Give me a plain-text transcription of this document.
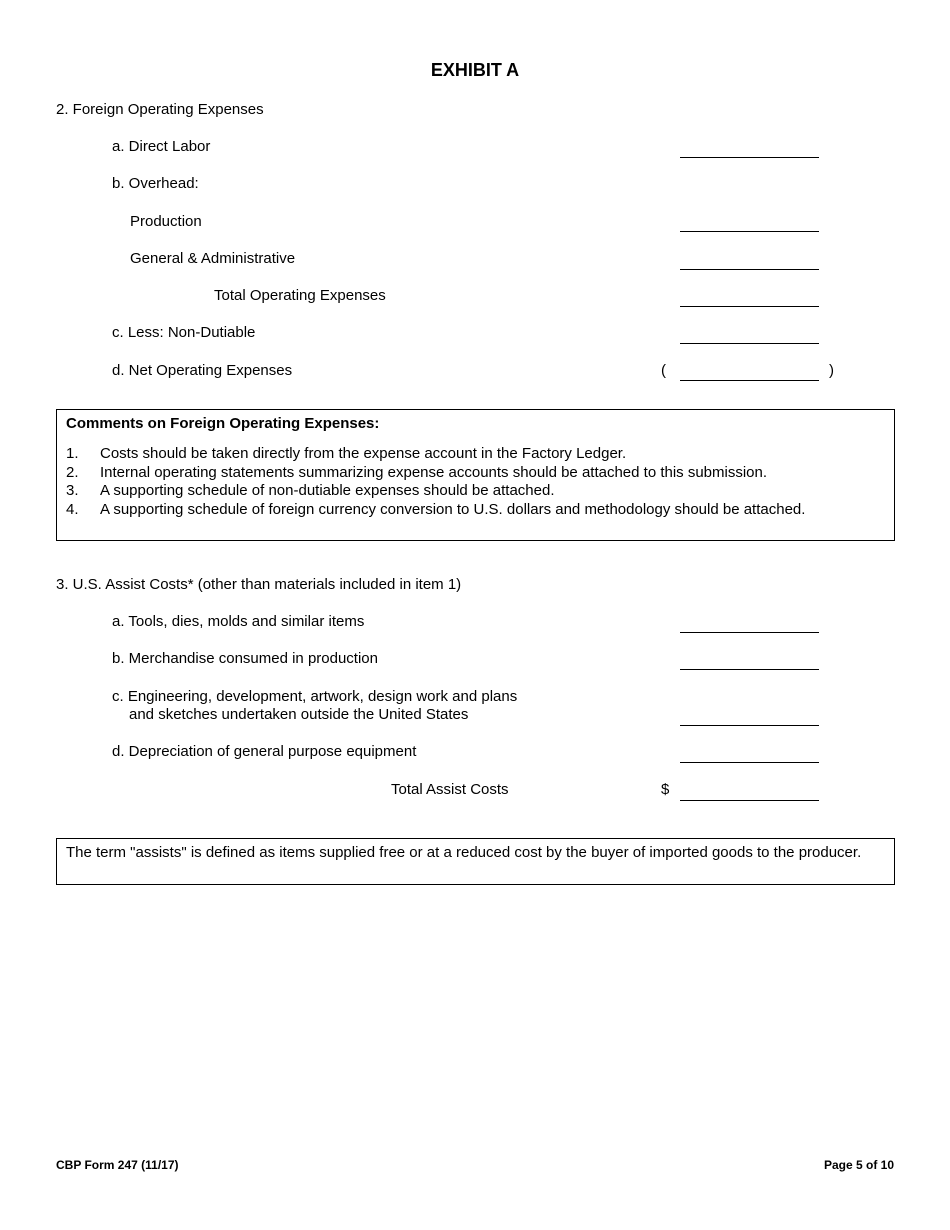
EXHIBIT A
2. Foreign Operating Expenses
a. Direct Labor
b. Overhead:
Production
General & Administrative
Total Operating Expenses
c. Less: Non-Dutiable
d. Net Operating Expenses	(	)
Comments on Foreign Operating Expenses:
1. Costs should be taken directly from the expense account in the Factory Ledger.
2. Internal operating statements summarizing expense accounts should be attached to this submission.
3. A supporting schedule of non-dutiable expenses should be attached.
4. A supporting schedule of foreign currency conversion to U.S. dollars and methodology should be attached.
3. U.S. Assist Costs* (other than materials included in item 1)
a. Tools, dies, molds and similar items
b. Merchandise consumed in production
c. Engineering, development, artwork, design work and plans
and sketches undertaken outside the United States
d. Depreciation of general purpose equipment
Total Assist Costs	$
The term "assists" is defined as items supplied free or at a reduced cost by the buyer of imported goods to the producer.
CBP Form 247 (11/17)	Page 5 of 10
